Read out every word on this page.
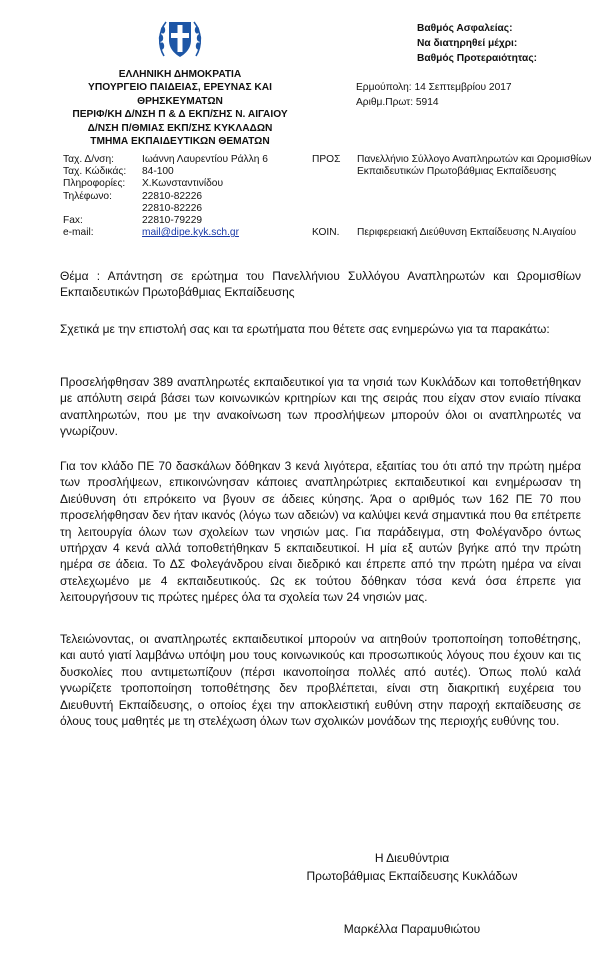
ΕΛΛΗΝΙΚΗ ΔΗΜΟΚΡΑΤΙΑ
ΥΠΟΥΡΓΕΙΟ ΠΑΙΔΕΙΑΣ, ΕΡΕΥΝΑΣ ΚΑΙ
ΘΡΗΣΚΕΥΜΑΤΩΝ
ΠΕΡΙΦ/ΚΗ Δ/ΝΣΗ Π & Δ ΕΚΠ/ΣΗΣ Ν. ΑΙΓΑΙΟΥ
Δ/ΝΣΗ Π/ΘΜΙΑΣ ΕΚΠ/ΣΗΣ ΚΥΚΛΑΔΩΝ
ΤΜΗΜΑ ΕΚΠΑΙΔΕΥΤΙΚΩΝ ΘΕΜΑΤΩΝ
Βαθμός Ασφαλείας:
Να διατηρηθεί μέχρι:
Βαθμός Προτεραιότητας:
Ερμούπολη: 14 Σεπτεμβρίου 2017
Αριθμ.Πρωτ: 5914
Ταχ. Δ/νση:	Ιωάννη Λαυρεντίου Ράλλη 6
Ταχ. Κώδικάς:	84-100
Πληροφορίες:	Χ.Κωνσταντινίδου
Τηλέφωνο:	22810-82226
22810-82226
Fax:	22810-79229
e-mail:	mail@dipe.kyk.sch.gr
ΠΡΟΣ Πανελλήνιο Σύλλογο Αναπληρωτών και Ωρομισθίων Εκπαιδευτικών Πρωτοβάθμιας Εκπαίδευσης
ΚΟΙΝ. Περιφερειακή Διεύθυνση Εκπαίδευσης Ν.Αιγαίου
Θέμα : Απάντηση σε ερώτημα του Πανελλήνιου Συλλόγου Αναπληρωτών και Ωρομισθίων Εκπαιδευτικών Πρωτοβάθμιας Εκπαίδευσης
Σχετικά με την επιστολή σας και τα ερωτήματα που θέτετε σας ενημερώνω για τα παρακάτω:
Προσελήφθησαν 389 αναπληρωτές εκπαιδευτικοί για τα νησιά των Κυκλάδων και τοποθετήθηκαν με απόλυτη σειρά βάσει των κοινωνικών κριτηρίων και της σειράς που είχαν στον ενιαίο πίνακα αναπληρωτών, που με την ανακοίνωση των προσλήψεων μπορούν όλοι οι αναπληρωτές να γνωρίζουν.
Για τον κλάδο ΠΕ 70 δασκάλων δόθηκαν 3 κενά λιγότερα, εξαιτίας του ότι από την πρώτη ημέρα των προσλήψεων, επικοινώνησαν κάποιες αναπληρώτριες εκπαιδευτικοί και ενημέρωσαν τη Διεύθυνση ότι επρόκειτο να βγουν σε άδειες κύησης. Άρα ο αριθμός των 162 ΠΕ 70 που προσελήφθησαν δεν ήταν ικανός (λόγω των αδειών) να καλύψει κενά σημαντικά που θα επέτρεπε τη λειτουργία όλων των σχολείων των νησιών μας. Για παράδειγμα, στη Φολέγανδρο όντως υπήρχαν 4 κενά αλλά τοποθετήθηκαν 5 εκπαιδευτικοί. Η μία εξ αυτών βγήκε από την πρώτη ημέρα σε άδεια. Το ΔΣ Φολεγάνδρου είναι διεδρικό και έπρεπε από την πρώτη ημέρα να είναι στελεχωμένο με 4 εκπαιδευτικούς. Ως εκ τούτου δόθηκαν τόσα κενά όσα έπρεπε για λειτουργήσουν τις πρώτες ημέρες όλα τα σχολεία των 24 νησιών μας.
Τελειώνοντας, οι αναπληρωτές εκπαιδευτικοί μπορούν να αιτηθούν τροποποίηση τοποθέτησης, και αυτό γιατί λαμβάνω υπόψη μου τους κοινωνικούς και προσωπικούς λόγους που έχουν και τις δυσκολίες που αντιμετωπίζουν (πέρσι ικανοποίησα πολλές από αυτές). Όπως πολύ καλά γνωρίζετε τροποποίηση τοποθέτησης δεν προβλέπεται, είναι στη διακριτική ευχέρεια του Διευθυντή Εκπαίδευσης, ο οποίος έχει την αποκλειστική ευθύνη στην παροχή εκπαίδευσης σε όλους τους μαθητές με τη στελέχωση όλων των σχολικών μονάδων της περιοχής ευθύνης του.
Η Διευθύντρια
Πρωτοβάθμιας Εκπαίδευσης Κυκλάδων
Μαρκέλλα Παραμυθιώτου
